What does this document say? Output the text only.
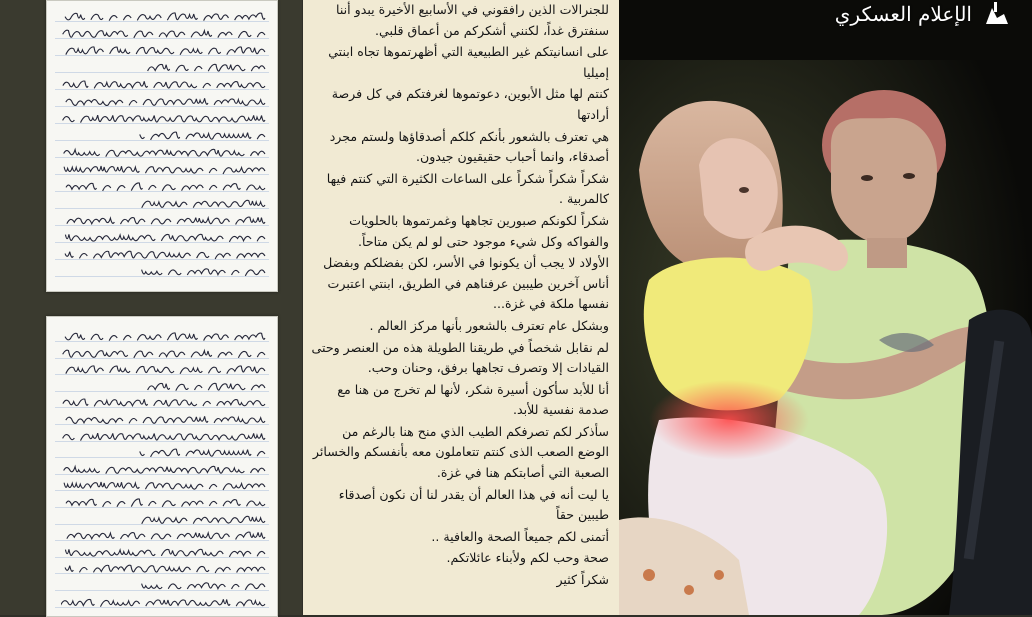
للجنرالات الذين رافقوني في الأسابيع الأخيرة يبدو أننا سنفترق غداً، لكنني أشكركم من أعماق قلبي.

على انسانيتكم غير الطبيعية التي أظهرتموها تجاه ابنتي إميليا

كنتم لها مثل الأبوين، دعوتموها لغرفتكم في كل فرصة أرادتها

هي تعترف بالشعور بأنكم كلكم أصدقاؤها ولستم مجرد أصدقاء، وانما أحباب حقيقيون جيدون.

شكراً شكراً شكراً على الساعات الكثيرة التي كنتم فيها كالمربية .

شكراً لكونكم صبورين تجاهها وغمرتموها بالحلويات والفواكه وكل شيء موجود حتى لو لم يكن متاحاً.

الأولاد لا يجب أن يكونوا في الأسر، لكن بفضلكم وبفضل أناس آخرين طيبين عرفناهم في الطريق، ابنتي اعتبرت نفسها ملكة في غزة...

وبشكل عام تعترف بالشعور بأنها مركز العالم .

لم نقابل شخصاً في طريقنا الطويلة هذه من العنصر وحتى القيادات إلا وتصرف تجاهها برفق، وحنان وحب.

أنا للأبد سأكون أسيرة شكر، لأنها لم تخرج من هنا مع صدمة نفسية للأبد.

سأذكر لكم تصرفكم الطيب الذي منح هنا بالرغم من الوضع الصعب الذى كنتم تتعاملون معه بأنفسكم والخسائر الصعبة التي أصابتكم هنا في غزة.

يا ليت أنه في هذا العالم أن يقدر لنا أن نكون أصدقاء طيبين حقاً

أتمنى لكم جميعاً الصحة والعافية ..

صحة وحب لكم ولأبناء عائلاتكم.

شكراً كثير

الإعلام العسكري
